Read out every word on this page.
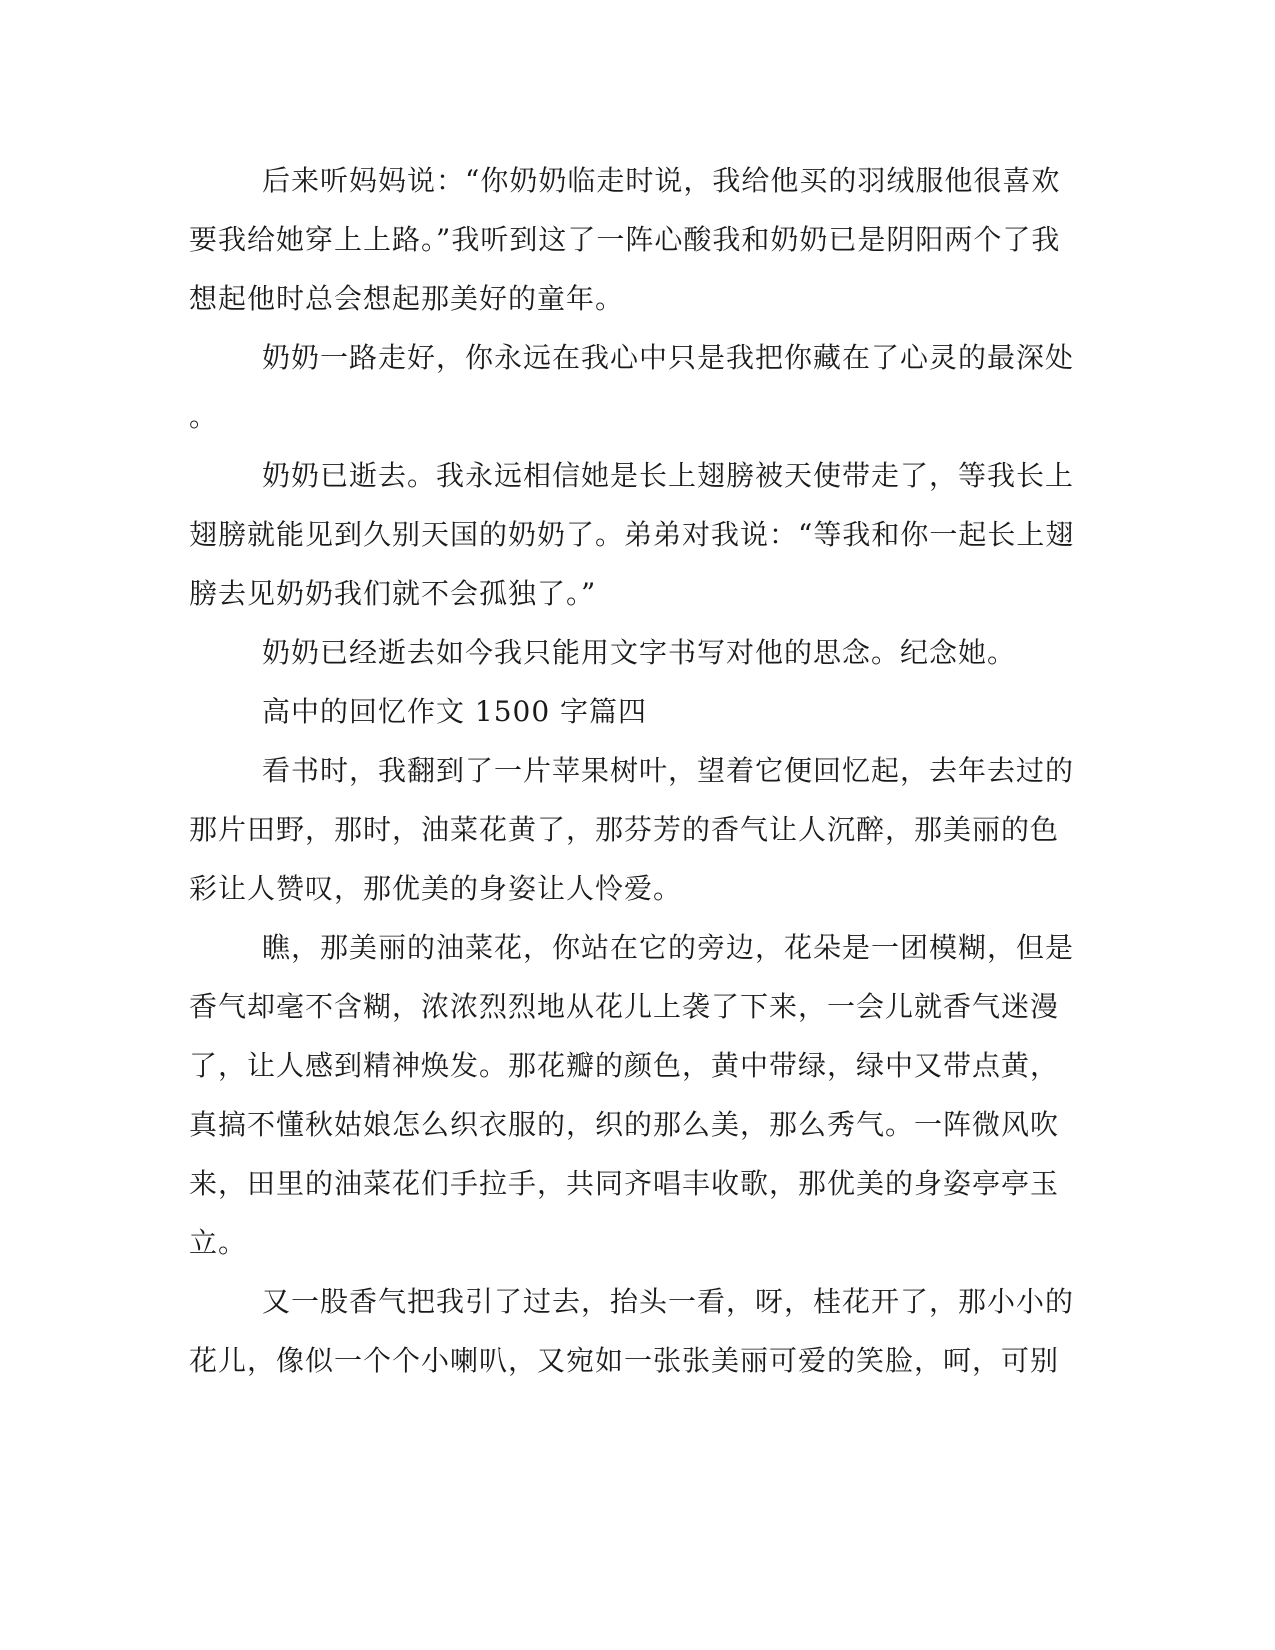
后来听妈妈说：“你奶奶临走时说，我给他买的羽绒服他很喜欢
要我给她穿上上路。”我听到这了一阵心酸我和奶奶已是阴阳两个了我
想起他时总会想起那美好的童年。
奶奶一路走好，你永远在我心中只是我把你藏在了心灵的最深处
。
奶奶已逝去。我永远相信她是长上翅膀被天使带走了，等我长上
翅膀就能见到久别天国的奶奶了。弟弟对我说：“等我和你一起长上翅
膀去见奶奶我们就不会孤独了。”
奶奶已经逝去如今我只能用文字书写对他的思念。纪念她。
高中的回忆作文 1500 字篇四
看书时，我翻到了一片苹果树叶，望着它便回忆起，去年去过的
那片田野，那时，油菜花黄了，那芬芳的香气让人沉醉，那美丽的色
彩让人赞叹，那优美的身姿让人怜爱。
瞧，那美丽的油菜花，你站在它的旁边，花朵是一团模糊，但是
香气却毫不含糊，浓浓烈烈地从花儿上袭了下来，一会儿就香气迷漫
了，让人感到精神焕发。那花瓣的颜色，黄中带绿，绿中又带点黄，
真搞不懂秋姑娘怎么织衣服的，织的那么美，那么秀气。一阵微风吹
来，田里的油菜花们手拉手，共同齐唱丰收歌，那优美的身姿亭亭玉
立。
又一股香气把我引了过去，抬头一看，呀，桂花开了，那小小的
花儿，像似一个个小喇叭，又宛如一张张美丽可爱的笑脸，呵，可别
